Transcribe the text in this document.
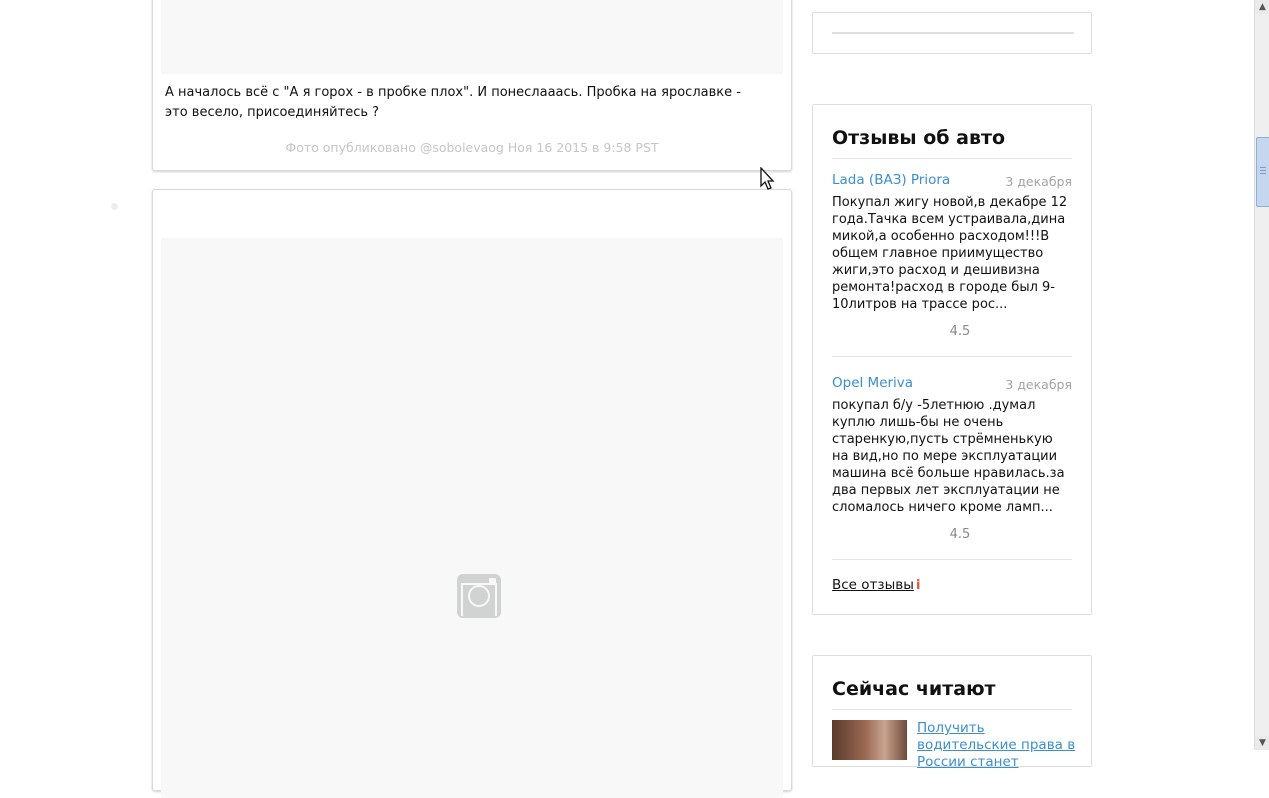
А началось всё с "А я горох - в пробке плох". И понеслааась. Пробка на ярославке - это весело, присоединяйтесь ?
Фото опубликовано @sobolevaog Ноя 16 2015 в 9:58 PST	Отзывы об авто
Lada (ВАЗ) Priora	3 декабря
Покупал жигу новой,в декабре 12 года.Тачка всем устраивала,дина микой,а особенно расходом!!!В общем главное приимущество жиги,это расход и дешивизна ремонта!расход в городе был 9-10литров на трассе рос...
4.5
Opel Meriva	3 декабря
покупал б/у -5летнюю .думал куплю лишь-бы не очень старенкую,пусть стрёмненькую на вид,но по мере эксплуатации машина всё больше нравилась.за два первых лет эксплуатации не сломалось ничего кроме ламп...
4.5
Все отзывы i
Сейчас читают
Получить водительские права в России станет
▲
▼
